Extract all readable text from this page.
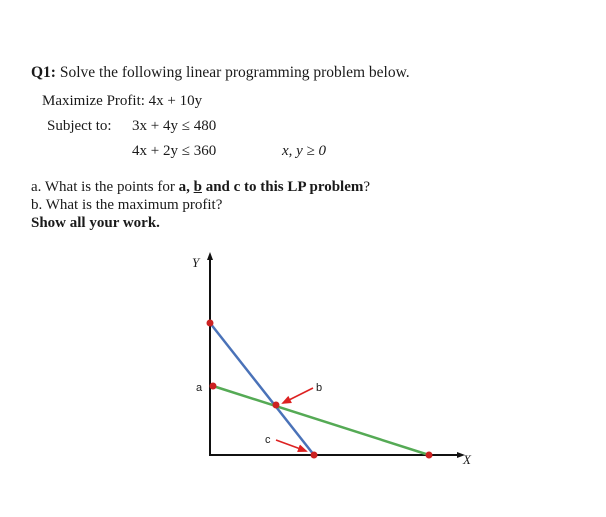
Q1: Solve the following linear programming problem below.
Maximize Profit: 4x + 10y
Subject to: 3x + 4y ≤ 480
4x + 2y ≤ 360	x, y ≥ 0
a. What is the points for a, b and c to this LP problem?
b. What is the maximum profit?
Show all your work.
Y
X
a	b
c
